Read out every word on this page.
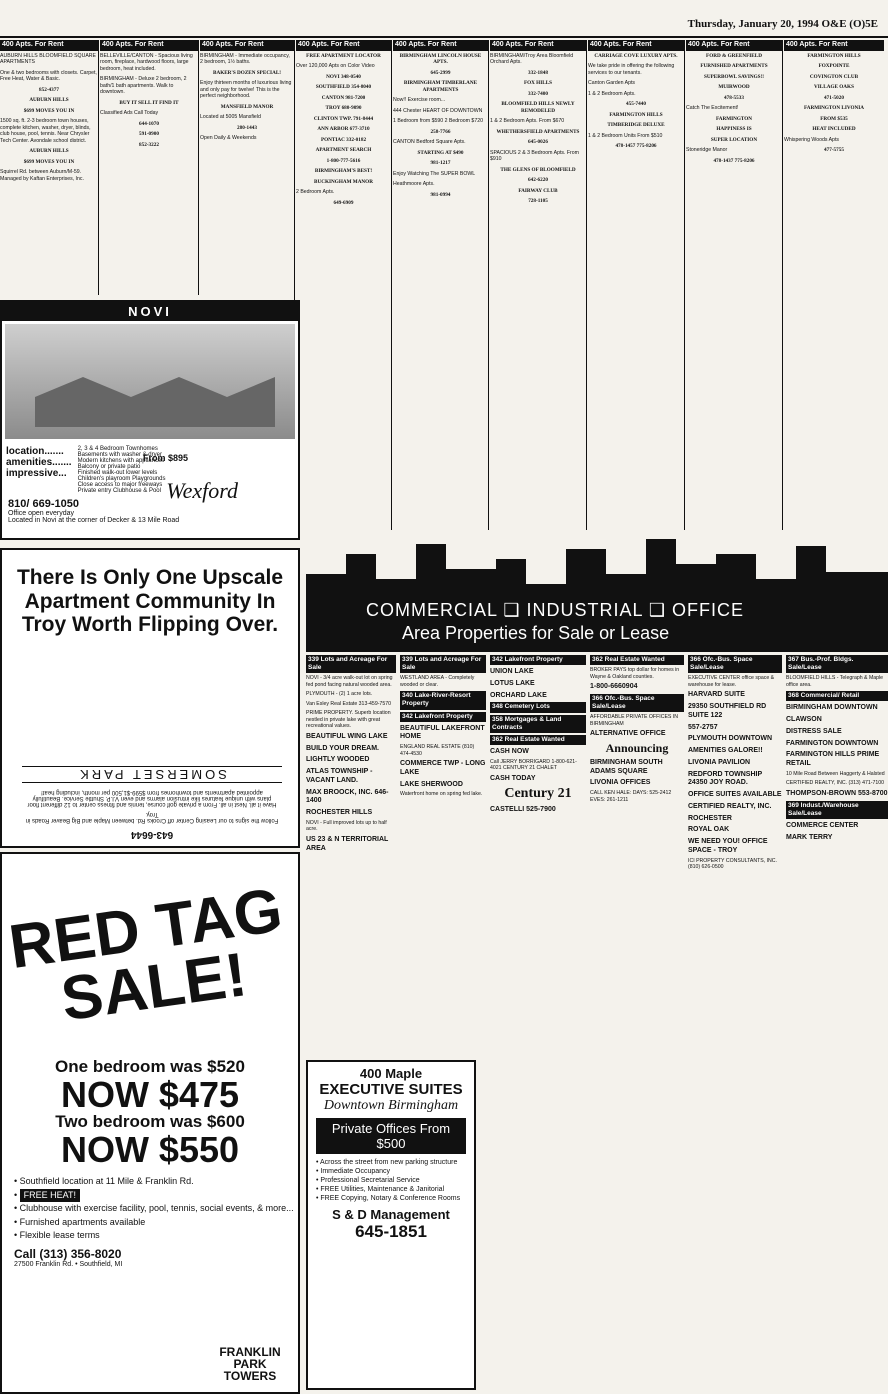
Thursday, January 20, 1994 O&E (O)5E
400 Apts. For Rent

AUBURN HILLS BLOOMFIELD SQUARE APARTMENTS

One & two bedrooms with closets. Carpet, Free Heat, Water & Basic.

852-4377

AUBURN HILLS

$699 MOVES YOU IN

1500 sq. ft. 2-3 bedroom town houses, complete kitchen, washer, dryer, blinds, club house, pool, tennis. Near Chrysler Tech Center. Avondale school district.

AUBURN HILLS

$699 MOVES YOU IN

Squirrel Rd. between Auburn/M-59. Managed by Kaftan Enterprises, Inc.

400 Apts. For Rent

BELLEVILLE/CANTON - Spacious living room, fireplace, hardwood floors, large bedroom, heat included.

BIRMINGHAM - Deluxe 2 bedroom, 2 bath/1 bath apartments. Walk to downtown.

BUY IT SELL IT FIND IT

Classified Ads Call Today

644-1070

591-0900

852-3222

400 Apts. For Rent

BIRMINGHAM - Immediate occupancy, 2 bedroom, 1½ baths.

BAKER'S DOZEN SPECIAL!

Enjoy thirteen months of luxurious living and only pay for twelve! This is the perfect neighborhood.

MANSFIELD MANOR

Located at 5005 Mansfield

280-1443

Open Daily & Weekends

400 Apts. For Rent

FREE APARTMENT LOCATOR

Over 120,000 Apts on Color Video

NOVI 348-0540

SOUTHFIELD 354-8040

CANTON 981-7200

TROY 680-9090

CLINTON TWP. 791-8444

ANN ARBOR 677-3710

PONTIAC 332-0182

APARTMENT SEARCH

1-800-777-5616

BIRMINGHAM'S BEST!

BUCKINGHAM MANOR

2 Bedroom Apts.

649-6909

400 Apts. For Rent

BIRMINGHAM LINCOLN HOUSE APTS.

645-2999

BIRMINGHAM TIMBERLANE APARTMENTS

Now!! Exercise room...

444 Chester HEART OF DOWNTOWN

1 Bedroom from $590 2 Bedroom $720

258-7766

CANTON Bedford Square Apts.

STARTING AT $490

981-1217

Enjoy Watching The SUPER BOWL

Heathmoore Apts.

981-0994

400 Apts. For Rent

BIRMINGHAM/Troy Area Bloomfield Orchard Apts.

332-1848

FOX HILLS

332-7400

BLOOMFIELD HILLS NEWLY REMODELED

1 & 2 Bedroom Apts. From $670

WHETHERSFIELD APARTMENTS

645-0026

SPACIOUS 2 & 3 Bedroom Apts. From $910

THE GLENS OF BLOOMFIELD

642-6220

FAIRWAY CLUB

728-1105

400 Apts. For Rent

CARRIAGE COVE LUXURY APTS.

We take pride in offering the following services to our tenants.

Canton Garden Apts

1 & 2 Bedroom Apts.

455-7440

FARMINGTON HILLS

TIMBERIDGE DELUXE

1 & 2 Bedroom Units From $510

478-1457 775-8206

400 Apts. For Rent

FORD & GREENFIELD

FURNISHED APARTMENTS

SUPERBOWL SAVINGS!!

MUIRWOOD

478-5533

Catch The Excitement!

FARMINGTON

HAPPINESS IS

SUPER LOCATION

Stoneridge Manor

478-1437 775-8206

400 Apts. For Rent

FARMINGTON HILLS

FOXPOINTE

COVINGTON CLUB

VILLAGE OAKS

471-5020

FARMINGTON LIVONIA

FROM $535

HEAT INCLUDED

Whispering Woods Apts

477-5755

NOVI
location.......
amenities.......
impressive...
2, 3 & 4 Bedroom Townhomes
Basements with washer & dryer
Modern kitchens with appliances
Balcony or private patio
Finished walk-out lower levels
Children's playroom Playgrounds
Close access to major freeways
Private entry Clubhouse & Pool
810/ 669-1050
Office open everyday
Located in Novi at the corner of Decker & 13 Mile Road
From $895
Wexford
COMMERCIAL ❑ INDUSTRIAL ❑ OFFICE
Area Properties for Sale or Lease
There Is Only One Upscale Apartment Community In Troy Worth Flipping Over.
643-6644
Follow the signs to our Leasing Center off Crooks Rd. between Maple and Big Beaver Roads in Troy.
Have it all. Nest in all. From a private golf course, tennis and fitness center to 12 different floor plans with unique features like intrusion alarms and even V.I.P. Shuttle Service. Beautifully appointed apartments and townhomes from $599-$1,500 per month, including heat!
SOMERSET PARK
RED TAG SALE!
One bedroom was $520
NOW $475
Two bedroom was $600
NOW $550
• Southfield location at 11 Mile & Franklin Rd.
• FREE HEAT!
• Clubhouse with exercise facility, pool, tennis, social events, & more...
• Furnished apartments available
• Flexible lease terms
Call (313) 356-8020
27500 Franklin Rd. • Southfield, MI
FRANKLIN PARK TOWERS
400 Maple
EXECUTIVE SUITES
Downtown Birmingham
Private Offices From $500
• Across the street from new parking structure
• Immediate Occupancy
• Professional Secretarial Service
• FREE Utilities, Maintenance & Janitorial
• FREE Copying, Notary & Conference Rooms
S & D Management
645-1851
339 Lots and Acreage For Sale

NOVI - 3/4 acre walk-out lot on spring fed pond facing natural wooded area.

PLYMOUTH - (2) 1 acre lots.

Van Esley Real Estate 313-459-7570

PRIME PROPERTY. Superb location nestled in private lake with great recreational values.

BEAUTIFUL WING LAKE

BUILD YOUR DREAM.

LIGHTLY WOODED

ATLAS TOWNSHIP - VACANT LAND.

MAX BROOCK, INC. 646-1400

ROCHESTER HILLS

NOVI - Full improved lots up to half acre.

US 23 & N TERRITORIAL AREA

339 Lots and Acreage For Sale

WESTLAND AREA - Completely wooded or clear.

340 Lake-River-Resort Property

342 Lakefront Property

BEAUTIFUL LAKEFRONT HOME

ENGLAND REAL ESTATE (810) 474-4530

COMMERCE TWP - LONG LAKE

LAKE SHERWOOD

Waterfront home on spring fed lake.

342 Lakefront Property

UNION LAKE

LOTUS LAKE

ORCHARD LAKE

348 Cemetery Lots

358 Mortgages & Land Contracts

362 Real Estate Wanted

CASH NOW

Call JERRY BORRIGARD 1-800-621-4021 CENTURY 21 CHALET

CASH TODAY

Century 21

CASTELLI 525-7900

362 Real Estate Wanted

BROKER PAYS top dollar for homes in Wayne & Oakland counties.

1-800-6660904

366 Ofc.-Bus. Space Sale/Lease

AFFORDABLE PRIVATE OFFICES IN BIRMINGHAM

ALTERNATIVE OFFICE

Announcing

BIRMINGHAM SOUTH ADAMS SQUARE

LIVONIA OFFICES

CALL KEN HALE: DAYS: 525-2412 EVES: 261-1211

366 Ofc.-Bus. Space Sale/Lease

EXECUTIVE CENTER office space & warehouse for lease.

HARVARD SUITE

29350 SOUTHFIELD RD SUITE 122

557-2757

PLYMOUTH DOWNTOWN

AMENITIES GALORE!!

LIVONIA PAVILION

REDFORD TOWNSHIP 24350 JOY ROAD.

OFFICE SUITES AVAILABLE

CERTIFIED REALTY, INC.

ROCHESTER

ROYAL OAK

WE NEED YOU! OFFICE SPACE - TROY

ICI PROPERTY CONSULTANTS, INC. (810) 626-0500

367 Bus.-Prof. Bldgs. Sale/Lease

BLOOMFIELD HILLS - Telegraph & Maple office area.

368 Commercial/ Retail

BIRMINGHAM DOWNTOWN

CLAWSON

DISTRESS SALE

FARMINGTON DOWNTOWN

FARMINGTON HILLS PRIME RETAIL

10 Mile Road Between Haggerty & Halsted

CERTIFIED REALTY, INC. (313) 471-7100

THOMPSON-BROWN 553-8700

369 Indust./Warehouse Sale/Lease

COMMERCE CENTER

MARK TERRY
